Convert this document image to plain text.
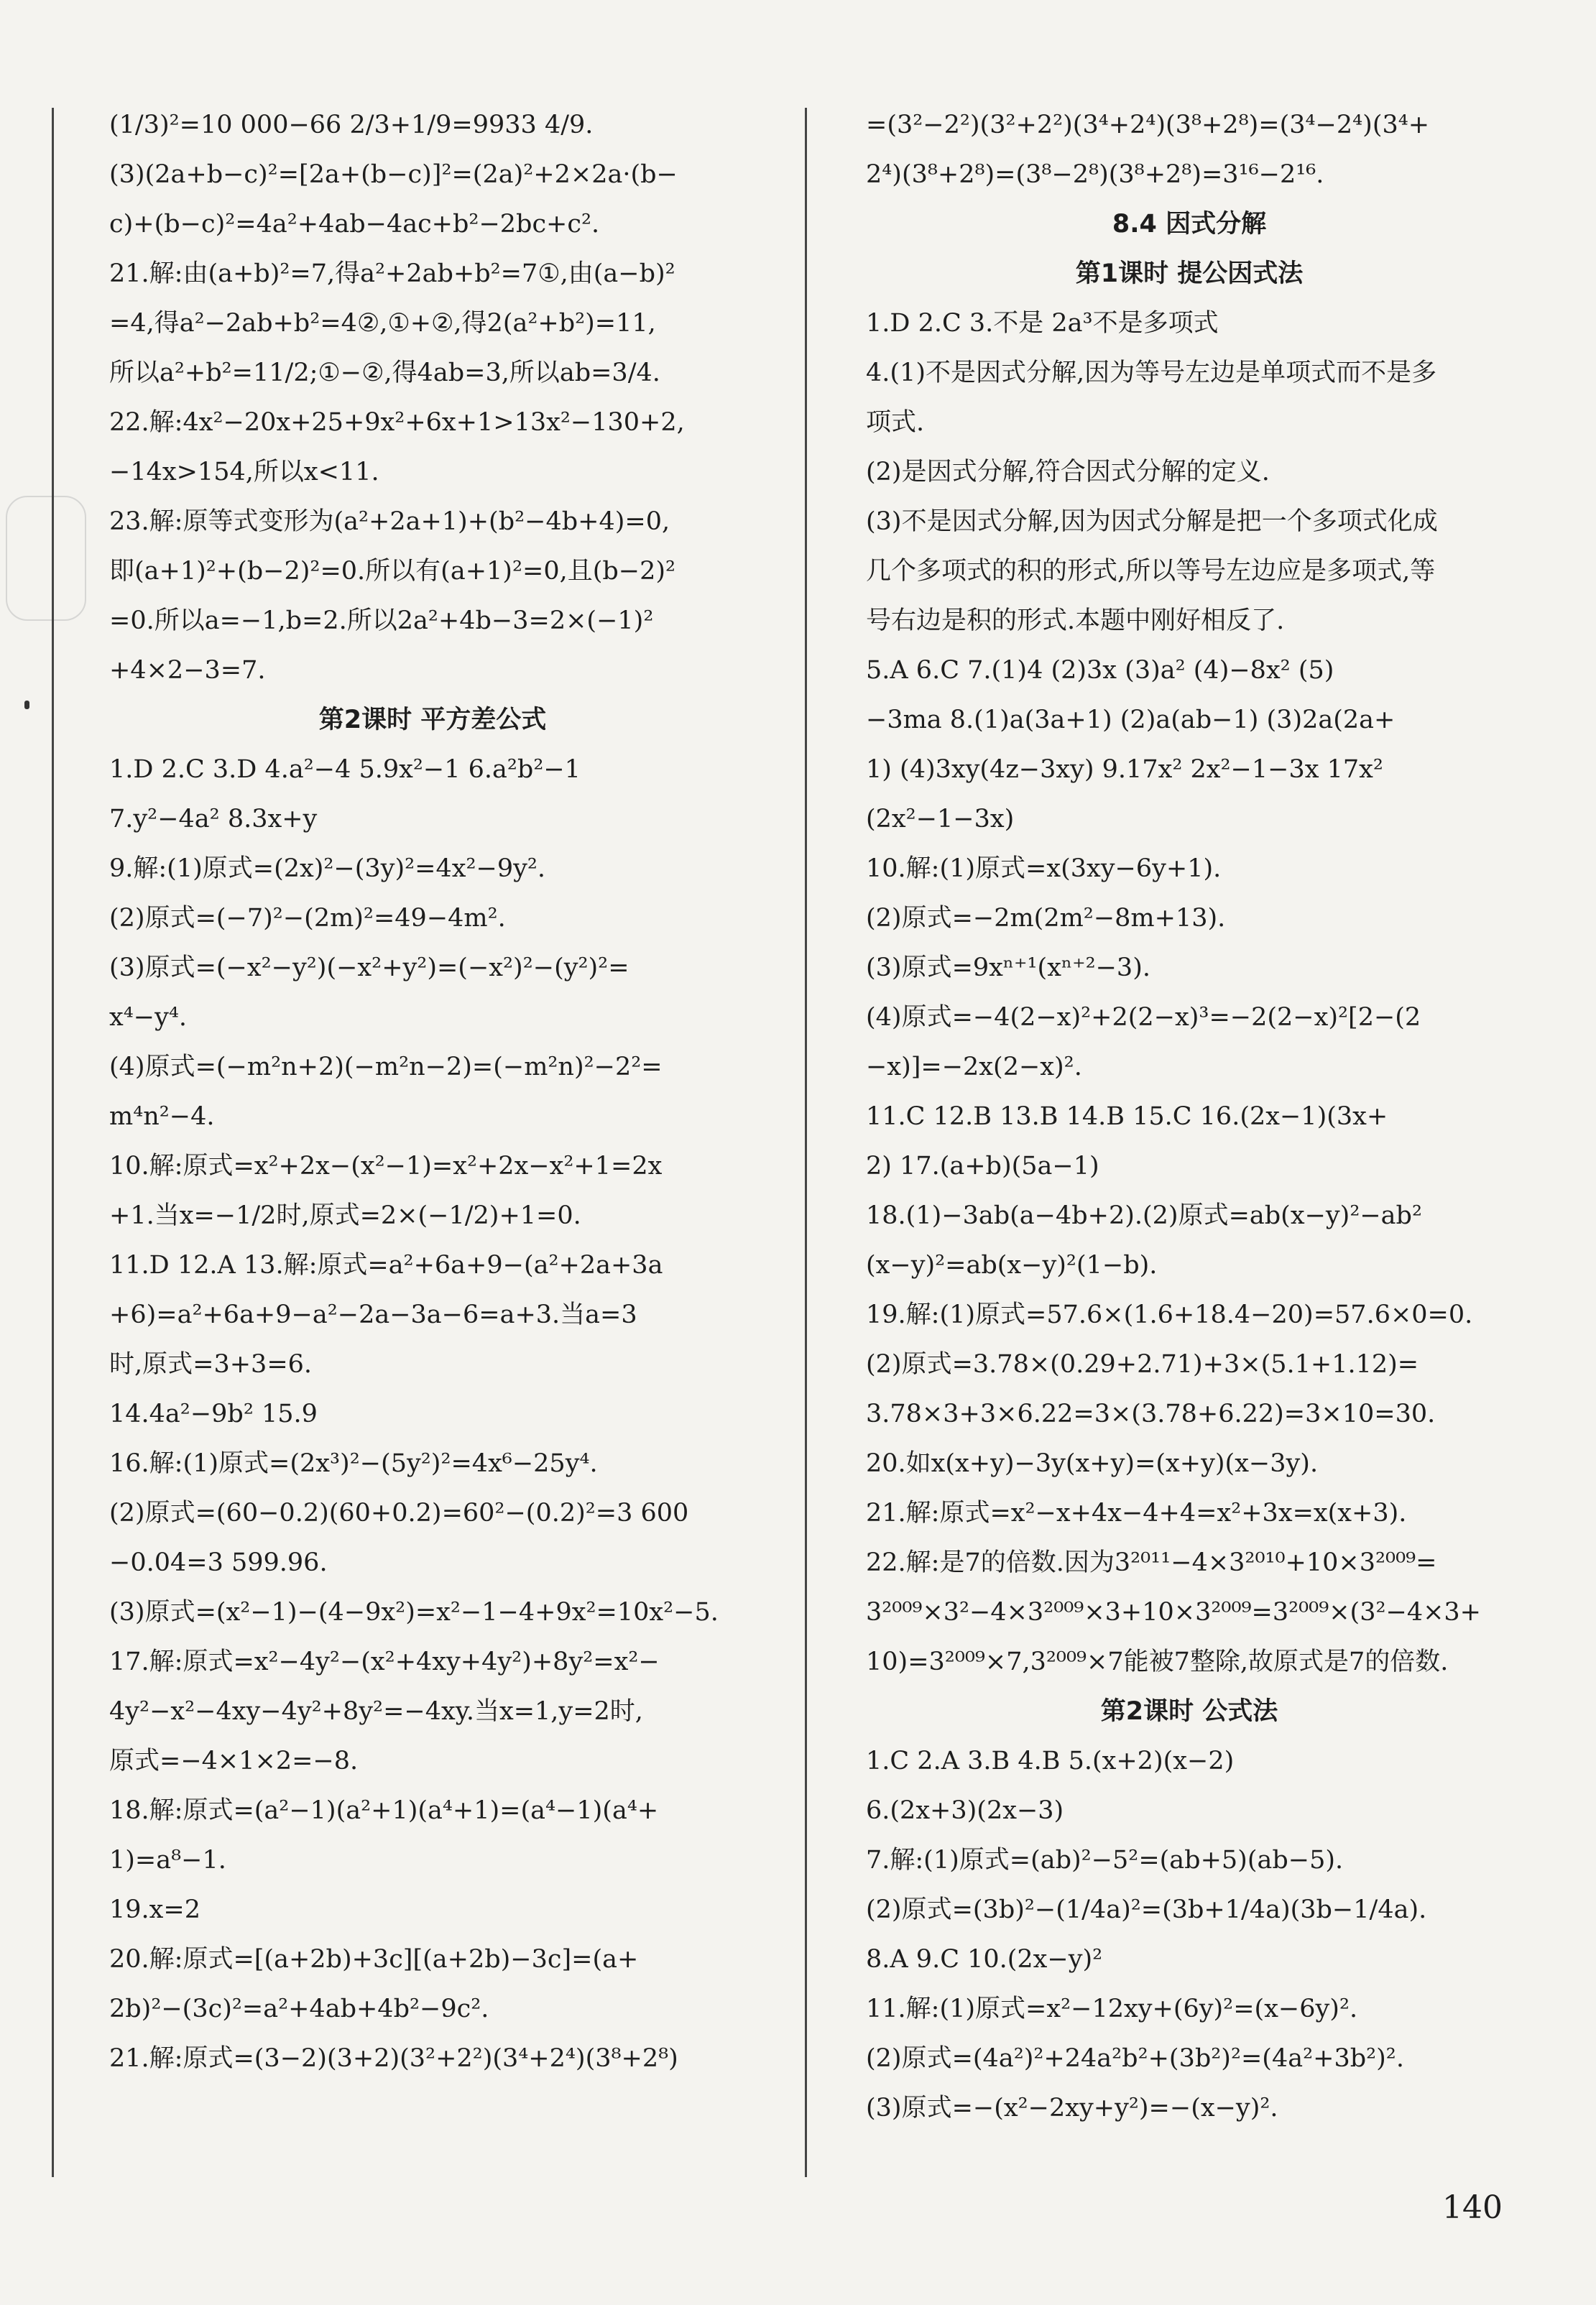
(1/3)²=10 000−66 2/3+1/9=9933 4/9.
(3)(2a+b−c)²=[2a+(b−c)]²=(2a)²+2×2a·(b−
c)+(b−c)²=4a²+4ab−4ac+b²−2bc+c².
21.解:由(a+b)²=7,得a²+2ab+b²=7①,由(a−b)²
=4,得a²−2ab+b²=4②,①+②,得2(a²+b²)=11,
所以a²+b²=11/2;①−②,得4ab=3,所以ab=3/4.
22.解:4x²−20x+25+9x²+6x+1>13x²−130+2,
−14x>154,所以x<11.
23.解:原等式变形为(a²+2a+1)+(b²−4b+4)=0,
即(a+1)²+(b−2)²=0.所以有(a+1)²=0,且(b−2)²
=0.所以a=−1,b=2.所以2a²+4b−3=2×(−1)²
+4×2−3=7.
第2课时 平方差公式
1.D 2.C 3.D 4.a²−4 5.9x²−1 6.a²b²−1
7.y²−4a² 8.3x+y
9.解:(1)原式=(2x)²−(3y)²=4x²−9y².
(2)原式=(−7)²−(2m)²=49−4m².
(3)原式=(−x²−y²)(−x²+y²)=(−x²)²−(y²)²=
x⁴−y⁴.
(4)原式=(−m²n+2)(−m²n−2)=(−m²n)²−2²=
m⁴n²−4.
10.解:原式=x²+2x−(x²−1)=x²+2x−x²+1=2x
+1.当x=−1/2时,原式=2×(−1/2)+1=0.
11.D 12.A 13.解:原式=a²+6a+9−(a²+2a+3a
+6)=a²+6a+9−a²−2a−3a−6=a+3.当a=3
时,原式=3+3=6.
14.4a²−9b² 15.9
16.解:(1)原式=(2x³)²−(5y²)²=4x⁶−25y⁴.
(2)原式=(60−0.2)(60+0.2)=60²−(0.2)²=3 600
−0.04=3 599.96.
(3)原式=(x²−1)−(4−9x²)=x²−1−4+9x²=10x²−5.
17.解:原式=x²−4y²−(x²+4xy+4y²)+8y²=x²−
4y²−x²−4xy−4y²+8y²=−4xy.当x=1,y=2时,
原式=−4×1×2=−8.
18.解:原式=(a²−1)(a²+1)(a⁴+1)=(a⁴−1)(a⁴+
1)=a⁸−1.
19.x=2
20.解:原式=[(a+2b)+3c][(a+2b)−3c]=(a+
2b)²−(3c)²=a²+4ab+4b²−9c².
21.解:原式=(3−2)(3+2)(3²+2²)(3⁴+2⁴)(3⁸+2⁸)
=(3²−2²)(3²+2²)(3⁴+2⁴)(3⁸+2⁸)=(3⁴−2⁴)(3⁴+
2⁴)(3⁸+2⁸)=(3⁸−2⁸)(3⁸+2⁸)=3¹⁶−2¹⁶.
8.4 因式分解
第1课时 提公因式法
1.D 2.C 3.不是 2a³不是多项式
4.(1)不是因式分解,因为等号左边是单项式而不是多
项式.
(2)是因式分解,符合因式分解的定义.
(3)不是因式分解,因为因式分解是把一个多项式化成
几个多项式的积的形式,所以等号左边应是多项式,等
号右边是积的形式.本题中刚好相反了.
5.A 6.C 7.(1)4 (2)3x (3)a² (4)−8x² (5)
−3ma 8.(1)a(3a+1) (2)a(ab−1) (3)2a(2a+
1) (4)3xy(4z−3xy) 9.17x² 2x²−1−3x 17x²
(2x²−1−3x)
10.解:(1)原式=x(3xy−6y+1).
(2)原式=−2m(2m²−8m+13).
(3)原式=9xⁿ⁺¹(xⁿ⁺²−3).
(4)原式=−4(2−x)²+2(2−x)³=−2(2−x)²[2−(2
−x)]=−2x(2−x)².
11.C 12.B 13.B 14.B 15.C 16.(2x−1)(3x+
2) 17.(a+b)(5a−1)
18.(1)−3ab(a−4b+2).(2)原式=ab(x−y)²−ab²
(x−y)²=ab(x−y)²(1−b).
19.解:(1)原式=57.6×(1.6+18.4−20)=57.6×0=0.
(2)原式=3.78×(0.29+2.71)+3×(5.1+1.12)=
3.78×3+3×6.22=3×(3.78+6.22)=3×10=30.
20.如x(x+y)−3y(x+y)=(x+y)(x−3y).
21.解:原式=x²−x+4x−4+4=x²+3x=x(x+3).
22.解:是7的倍数.因为3²⁰¹¹−4×3²⁰¹⁰+10×3²⁰⁰⁹=
3²⁰⁰⁹×3²−4×3²⁰⁰⁹×3+10×3²⁰⁰⁹=3²⁰⁰⁹×(3²−4×3+
10)=3²⁰⁰⁹×7,3²⁰⁰⁹×7能被7整除,故原式是7的倍数.
第2课时 公式法
1.C 2.A 3.B 4.B 5.(x+2)(x−2)
6.(2x+3)(2x−3)
7.解:(1)原式=(ab)²−5²=(ab+5)(ab−5).
(2)原式=(3b)²−(1/4a)²=(3b+1/4a)(3b−1/4a).
8.A 9.C 10.(2x−y)²
11.解:(1)原式=x²−12xy+(6y)²=(x−6y)².
(2)原式=(4a²)²+24a²b²+(3b²)²=(4a²+3b²)².
(3)原式=−(x²−2xy+y²)=−(x−y)².
140
